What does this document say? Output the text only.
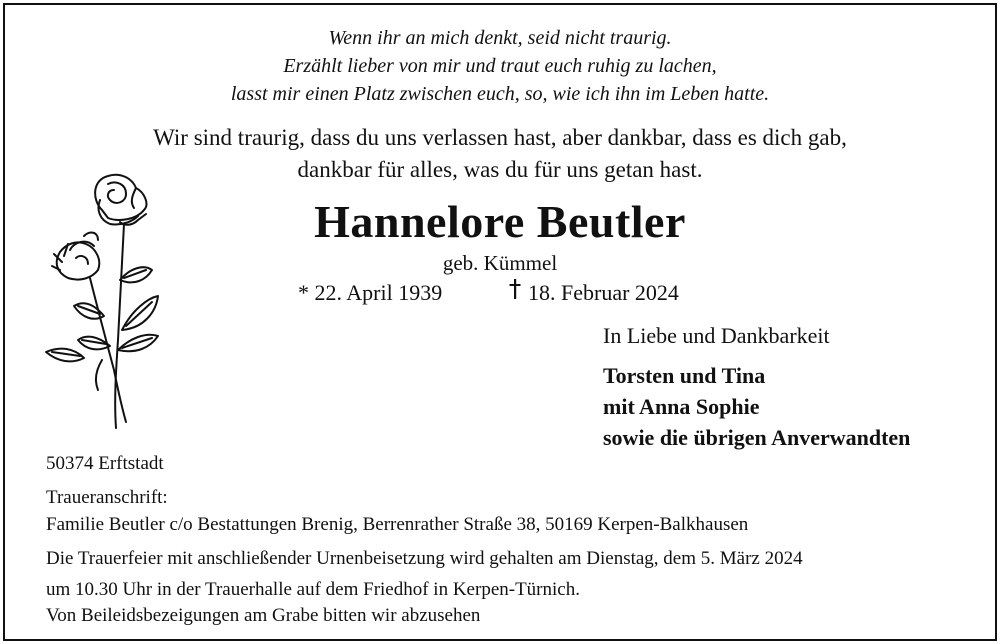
Wenn ihr an mich denkt, seid nicht traurig.
Erzählt lieber von mir und traut euch ruhig zu lachen,
lasst mir einen Platz zwischen euch, so, wie ich ihn im Leben hatte.
Wir sind traurig, dass du uns verlassen hast, aber dankbar, dass es dich gab,
dankbar für alles, was du für uns getan hast.
Hannelore Beutler
geb. Kümmel
* 22. April 1939	18. Februar 2024
In Liebe und Dankbarkeit
Torsten und Tina
mit Anna Sophie
sowie die übrigen Anverwandten
50374 Erftstadt
Traueranschrift:
Familie Beutler c/o Bestattungen Brenig, Berrenrather Straße 38, 50169 Kerpen-Balkhausen
Die Trauerfeier mit anschließender Urnenbeisetzung wird gehalten am Dienstag, dem 5. März 2024
um 10.30 Uhr in der Trauerhalle auf dem Friedhof in Kerpen-Türnich.
Von Beileidsbezeigungen am Grabe bitten wir abzusehen
